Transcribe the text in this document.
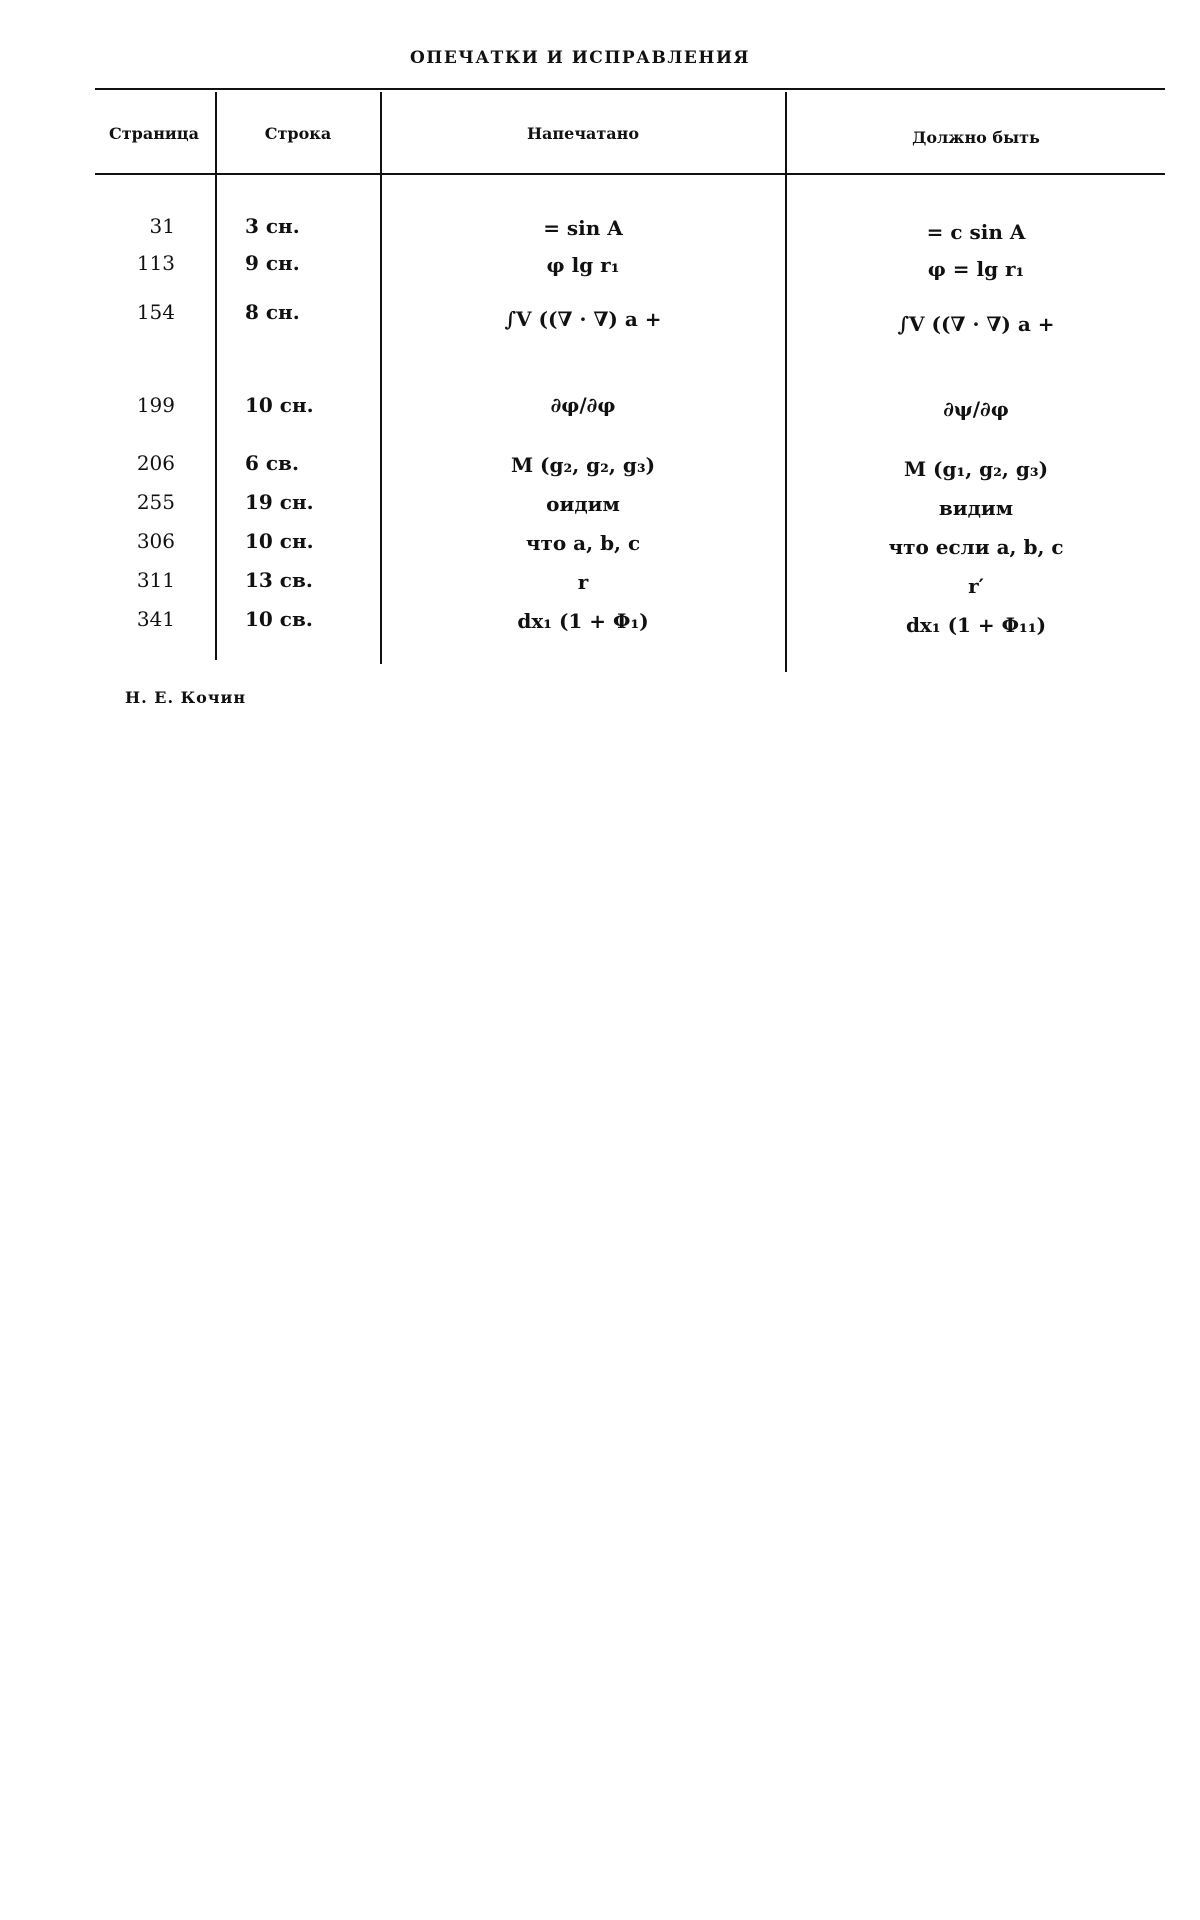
ОПЕЧАТКИ И ИСПРАВЛЕНИЯ
Страница	Строка	Напечатано	Должно быть
31	3 сн.	= sin A	= c sin A
113	9 сн.	φ lg r₁	φ = lg r₁
154	8 сн.	∫V ((∇ · ∇) a +	∫V ((∇ · ∇) a +
199	10 сн.	∂φ/∂φ	∂ψ/∂φ
206	6 св.	M (g₂, g₂, g₃)	M (g₁, g₂, g₃)
255	19 сн.	оидим	видим
306	10 сн.	что a, b, c	что если a, b, c
311	13 св.	r	r′
341	10 св.	dx₁ (1 + Φ₁)	dx₁ (1 + Φ₁₁)
Н. Е. Кочин
